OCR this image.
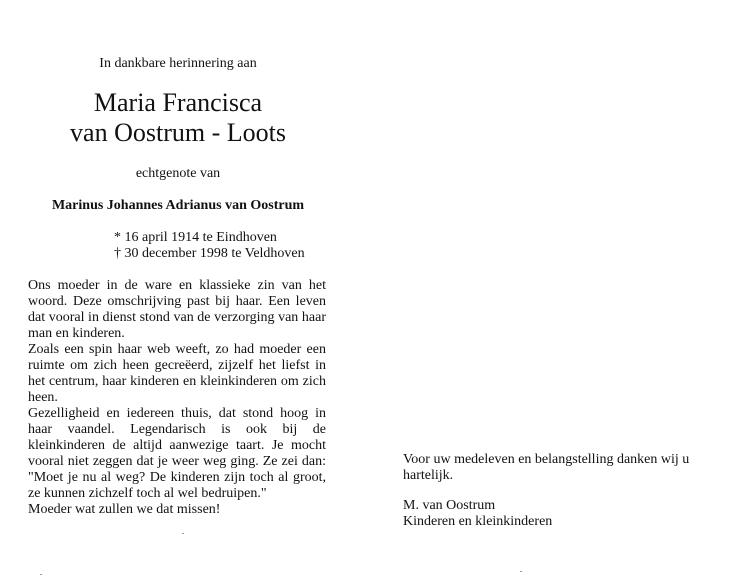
In dankbare herinnering aan
Maria Francisca
van Oostrum - Loots
echtgenote van
Marinus Johannes Adrianus van Oostrum
* 16 april 1914 te Eindhoven
† 30 december 1998 te Veldhoven

Ons moeder in de ware en klassieke zin van het woord. Deze omschrijving past bij haar. Een leven dat vooral in dienst stond van de verzorging van haar man en kinderen.

Zoals een spin haar web weeft, zo had moeder een ruimte om zich heen gecreëerd, zijzelf het liefst in het centrum, haar kinderen en kleinkinderen om zich heen.

Gezelligheid en iedereen thuis, dat stond hoog in haar vaandel. Legendarisch is ook bij de kleinkinderen de altijd aanwezige taart. Je mocht vooral niet zeggen dat je weer weg ging. Ze zei dan: "Moet je nu al weg? De kinderen zijn toch al groot, ze kunnen zichzelf toch al wel bedruipen."

Moeder wat zullen we dat missen!

Voor uw medeleven en belangstelling danken wij u hartelijk.

M. van Oostrum
Kinderen en kleinkinderen
